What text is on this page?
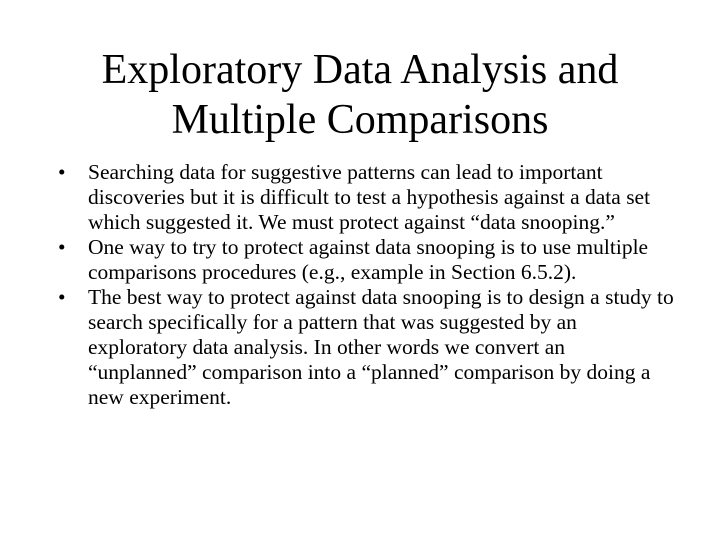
Exploratory Data Analysis and
Multiple Comparisons
•	Searching data for suggestive patterns can lead to important discoveries but it is difficult to test a hypothesis against a data set which suggested it. We must protect against “data snooping.”
•	One way to try to protect against data snooping is to use multiple comparisons procedures (e.g., example in Section 6.5.2).
•	The best way to protect against data snooping is to design a study to search specifically for a pattern that was suggested by an exploratory data analysis. In other words we convert an “unplanned” comparison into a “planned” comparison by doing a new experiment.
